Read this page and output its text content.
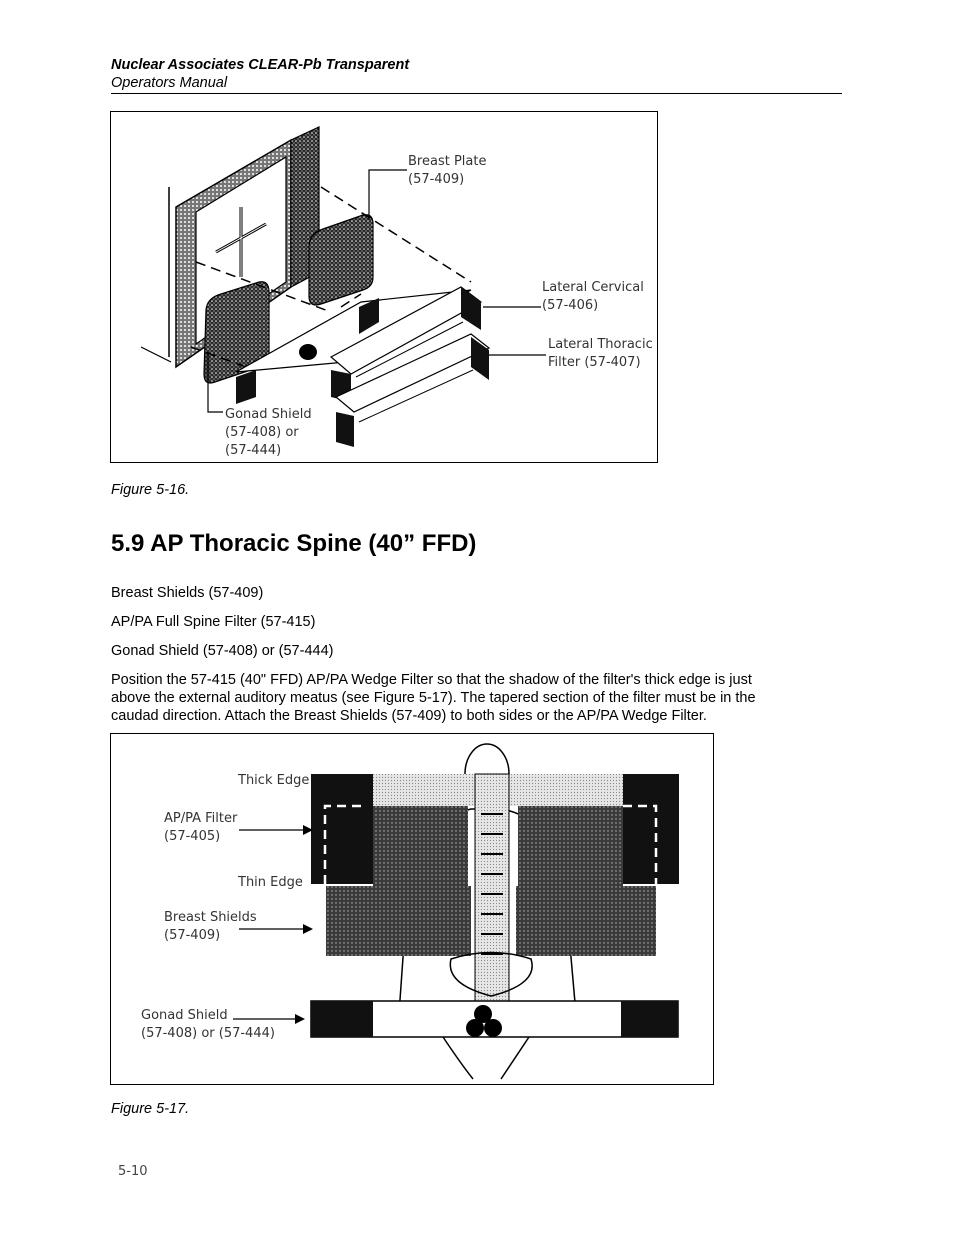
Nuclear Associates CLEAR-Pb Transparent
Operators Manual
Breast Plate
(57-409)
Lateral Cervical
(57-406)
Lateral Thoracic
Filter (57-407)
Gonad Shield
(57-408) or
(57-444)
Figure 5-16.
5.9 AP Thoracic Spine (40” FFD)
Breast Shields (57-409)
AP/PA Full Spine Filter (57-415)
Gonad Shield (57-408) or (57-444)
Position the 57-415 (40" FFD) AP/PA Wedge Filter so that the shadow of the filter's thick edge is just
above the external auditory meatus (see Figure 5-17). The tapered section of the filter must be in the
caudad direction. Attach the Breast Shields (57-409) to both sides or the AP/PA Wedge Filter.
Thick Edge
AP/PA Filter
(57-405)
Thin Edge
Breast Shields
(57-409)
Gonad Shield
(57-408) or (57-444)
Figure 5-17.
5-10
